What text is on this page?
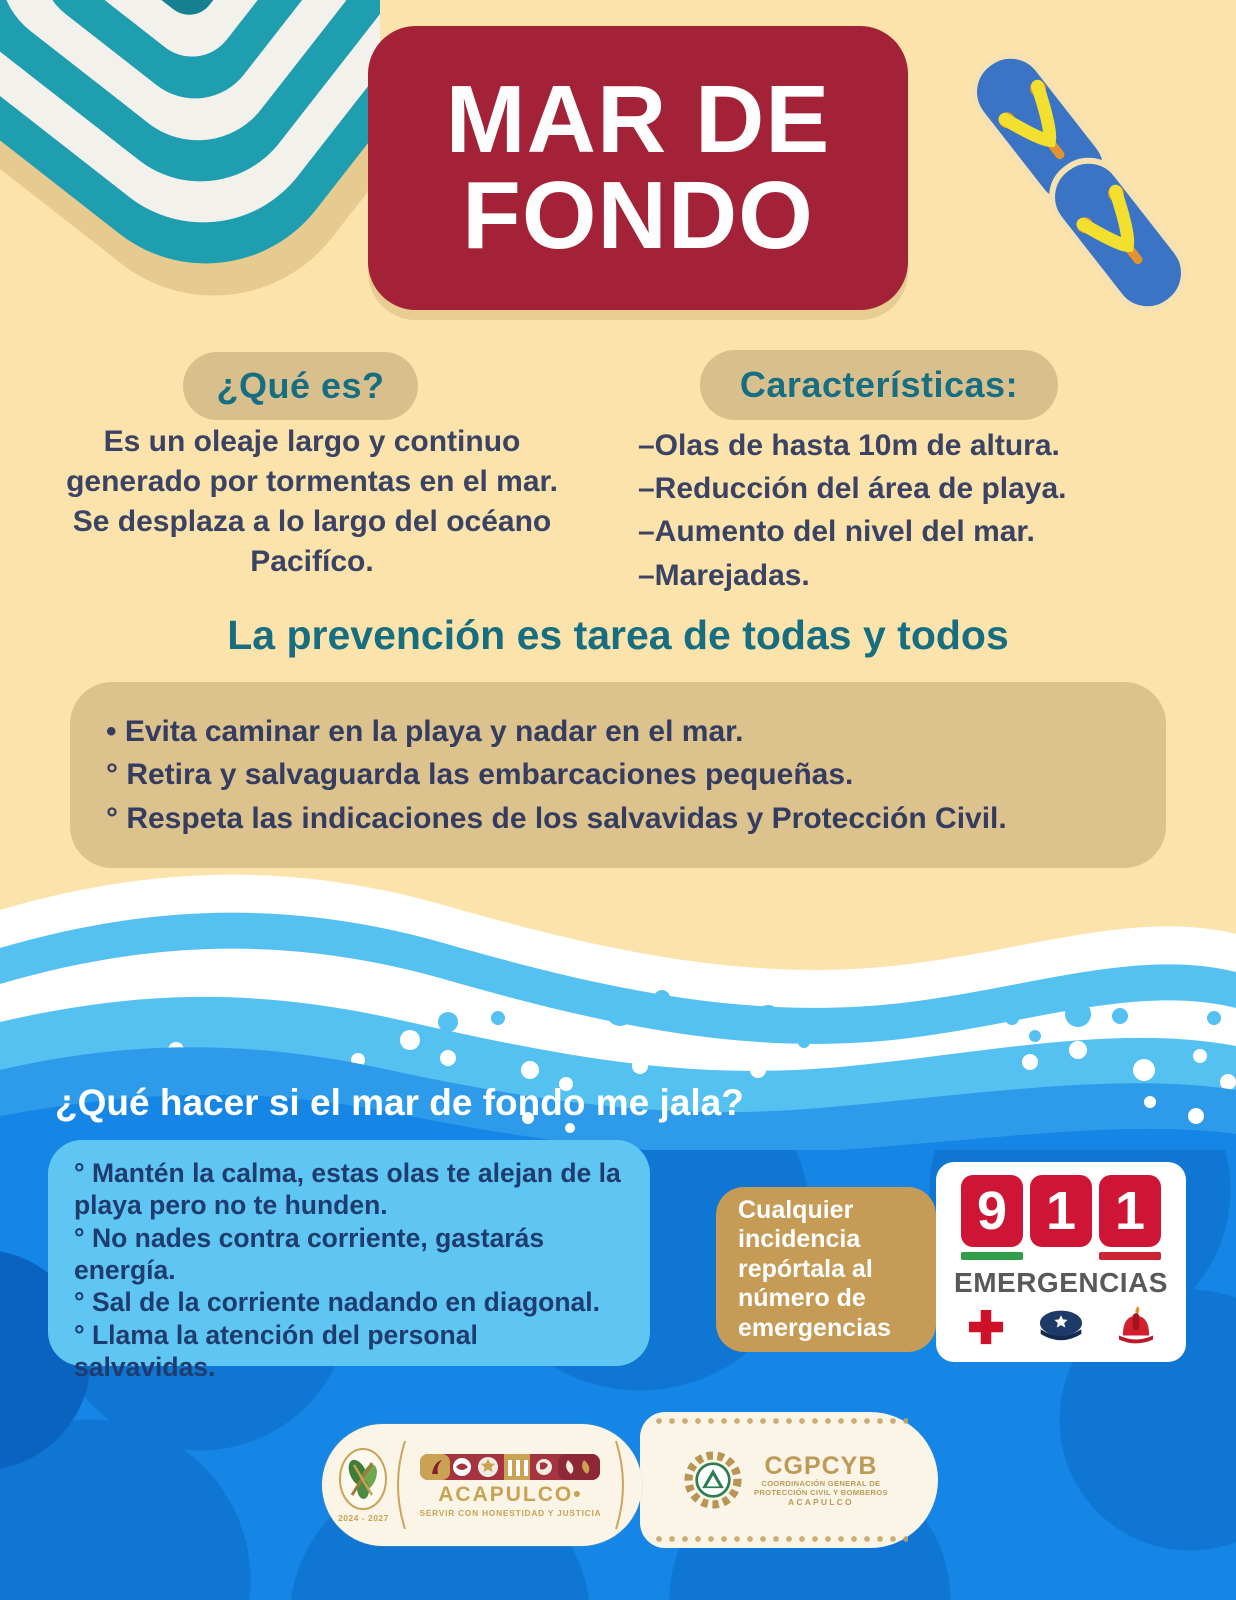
MAR DE
FONDO
¿Qué es?
Es un oleaje largo y continuo generado por tormentas en el mar. Se desplaza a lo largo del océano Pacifíco.
Características:
–Olas de hasta 10m de altura.
–Reducción del área de playa.
–Aumento del nivel del mar.
–Marejadas.
La prevención es tarea de todas y todos
• Evita caminar en la playa y nadar en el mar.
° Retira y salvaguarda las embarcaciones pequeñas.
° Respeta las indicaciones de los salvavidas y Protección Civil.
¿Qué hacer si el mar de fondo me jala?
° Mantén la calma, estas olas te alejan de la playa pero no te hunden.
° No nades contra corriente, gastarás energía.
° Sal de la corriente nadando en diagonal.
° Llama la atención del personal salvavidas.
Cualquier incidencia repórtala al número de emergencias
9 1 1
EMERGENCIAS
CGPCYB
COORDINACIÓN GENERAL DE
PROTECCIÓN CIVIL Y BOMBEROS
ACAPULCO
2024 - 2027
ACAPULCO•
SERVIR CON HONESTIDAD Y JUSTICIA
